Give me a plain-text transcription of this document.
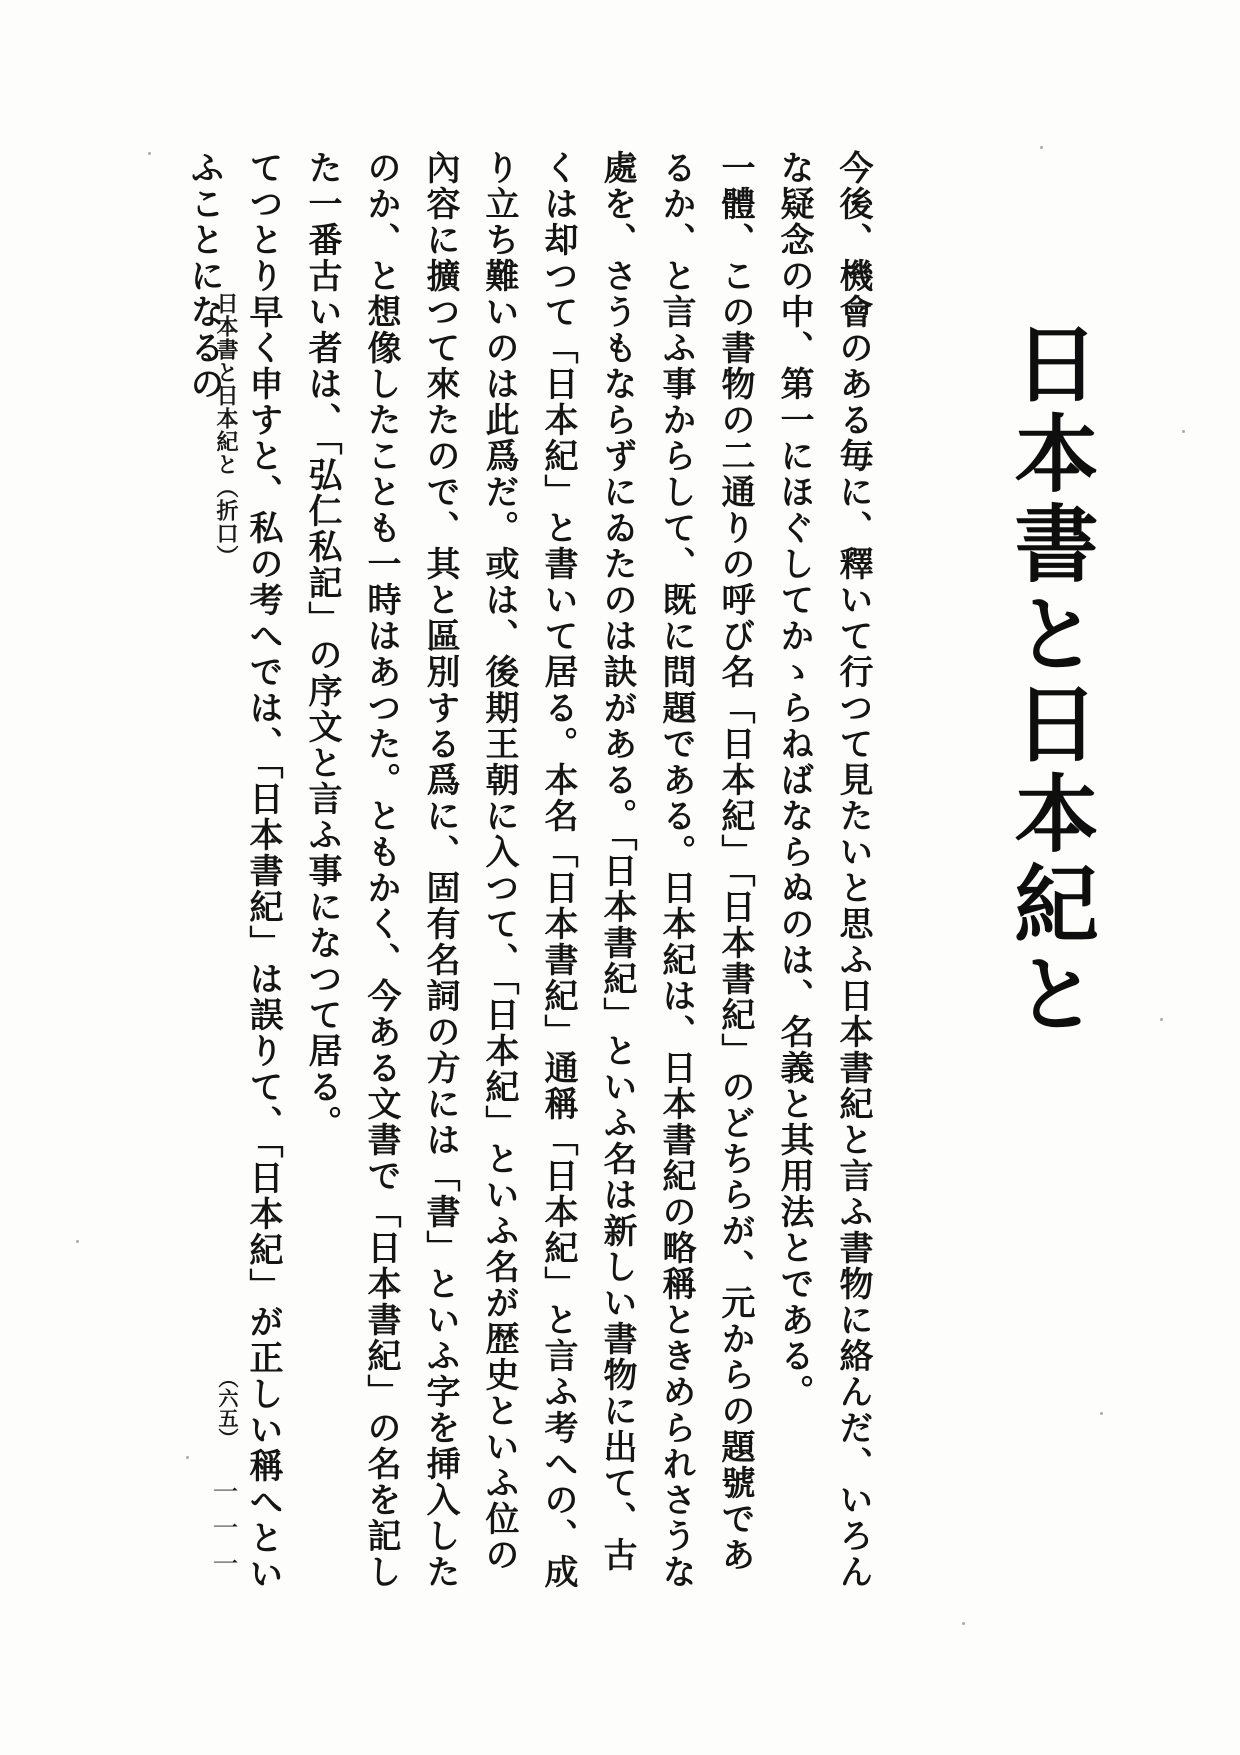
日本書と日本紀と

今後、機會のある毎に、釋いて行つて見たいと思ふ日本書紀と言ふ書物に絡んだ、いろんな疑念の中、第一にほぐしてかゝらねばならぬのは、名義と其用法とである。

一體、この書物の二通りの呼び名「日本紀」「日本書紀」のどちらが、元からの題號であるか、と言ふ事からして、既に問題である。日本紀は、日本書紀の略稱ときめられさうな處を、さうもならずにゐたのは訣がある。「日本書紀」といふ名は新しい書物に出て、古くは却つて「日本紀」と書いて居る。本名「日本書紀」通稱「日本紀」と言ふ考への、成り立ち難いのは此爲だ。或は、後期王朝に入つて、「日本紀」といふ名が歴史といふ位の內容に擴つて來たので、其と區別する爲に、固有名詞の方には「書」といふ字を挿入したのか、と想像したことも一時はあつた。ともかく、今ある文書で「日本書紀」の名を記した一番古い者は、「弘仁私記」の序文と言ふ事になつて居る。

てつとり早く申すと、私の考へでは、「日本書紀」は誤りて、「日本紀」が正しい稱へといふことになるの

日本書と日本紀と（折口）
（六五）
一一一
